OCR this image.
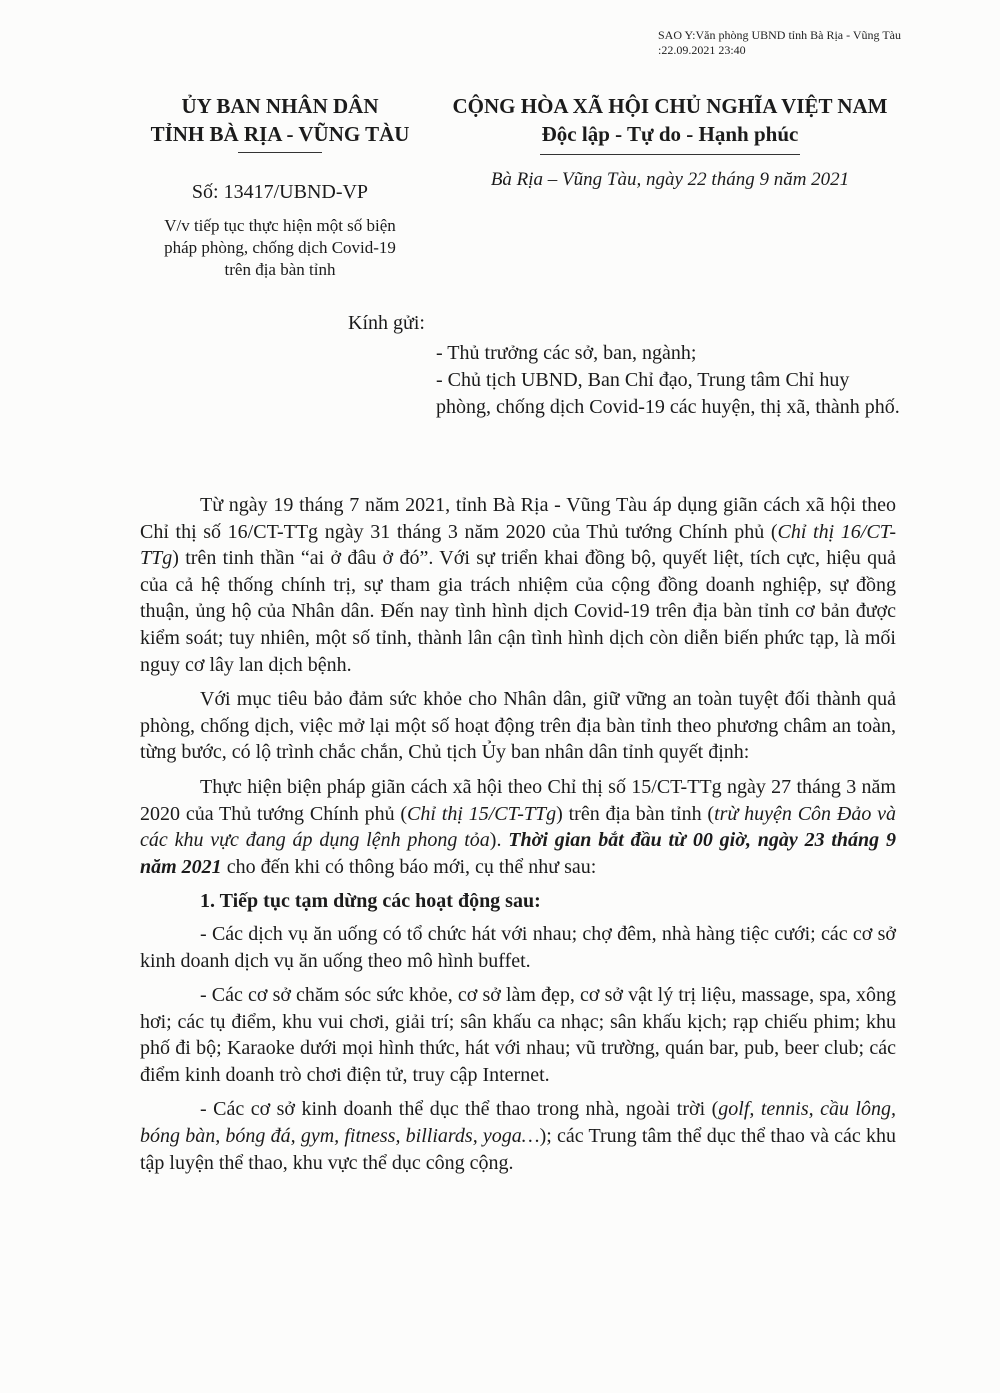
SAO Y:Văn phòng UBND tỉnh Bà Rịa - Vũng Tàu
:22.09.2021 23:40
ỦY BAN NHÂN DÂN
TỈNH BÀ RỊA - VŨNG TÀU
Số: 13417/UBND-VP
V/v tiếp tục thực hiện một số biện
pháp phòng, chống dịch Covid-19
trên địa bàn tỉnh
CỘNG HÒA XÃ HỘI CHỦ NGHĨA VIỆT NAM
Độc lập - Tự do - Hạnh phúc
Bà Rịa – Vũng Tàu, ngày 22 tháng 9 năm 2021
Kính gửi:
- Thủ trưởng các sở, ban, ngành;
- Chủ tịch UBND, Ban Chỉ đạo, Trung tâm Chỉ huy phòng, chống dịch Covid-19 các huyện, thị xã, thành phố.

Từ ngày 19 tháng 7 năm 2021, tỉnh Bà Rịa - Vũng Tàu áp dụng giãn cách xã hội theo Chỉ thị số 16/CT-TTg ngày 31 tháng 3 năm 2020 của Thủ tướng Chính phủ (Chỉ thị 16/CT-TTg) trên tinh thần “ai ở đâu ở đó”. Với sự triển khai đồng bộ, quyết liệt, tích cực, hiệu quả của cả hệ thống chính trị, sự tham gia trách nhiệm của cộng đồng doanh nghiệp, sự đồng thuận, ủng hộ của Nhân dân. Đến nay tình hình dịch Covid-19 trên địa bàn tỉnh cơ bản được kiểm soát; tuy nhiên, một số tỉnh, thành lân cận tình hình dịch còn diễn biến phức tạp, là mối nguy cơ lây lan dịch bệnh.

Với mục tiêu bảo đảm sức khỏe cho Nhân dân, giữ vững an toàn tuyệt đối thành quả phòng, chống dịch, việc mở lại một số hoạt động trên địa bàn tỉnh theo phương châm an toàn, từng bước, có lộ trình chắc chắn, Chủ tịch Ủy ban nhân dân tỉnh quyết định:

Thực hiện biện pháp giãn cách xã hội theo Chỉ thị số 15/CT-TTg ngày 27 tháng 3 năm 2020 của Thủ tướng Chính phủ (Chỉ thị 15/CT-TTg) trên địa bàn tỉnh (trừ huyện Côn Đảo và các khu vực đang áp dụng lệnh phong tỏa). Thời gian bắt đầu từ 00 giờ, ngày 23 tháng 9 năm 2021 cho đến khi có thông báo mới, cụ thể như sau:

1. Tiếp tục tạm dừng các hoạt động sau:

- Các dịch vụ ăn uống có tổ chức hát với nhau; chợ đêm, nhà hàng tiệc cưới; các cơ sở kinh doanh dịch vụ ăn uống theo mô hình buffet.

- Các cơ sở chăm sóc sức khỏe, cơ sở làm đẹp, cơ sở vật lý trị liệu, massage, spa, xông hơi; các tụ điểm, khu vui chơi, giải trí; sân khấu ca nhạc; sân khấu kịch; rạp chiếu phim; khu phố đi bộ; Karaoke dưới mọi hình thức, hát với nhau; vũ trường, quán bar, pub, beer club; các điểm kinh doanh trò chơi điện tử, truy cập Internet.

- Các cơ sở kinh doanh thể dục thể thao trong nhà, ngoài trời (golf, tennis, cầu lông, bóng bàn, bóng đá, gym, fitness, billiards, yoga…); các Trung tâm thể dục thể thao và các khu tập luyện thể thao, khu vực thể dục công cộng.
